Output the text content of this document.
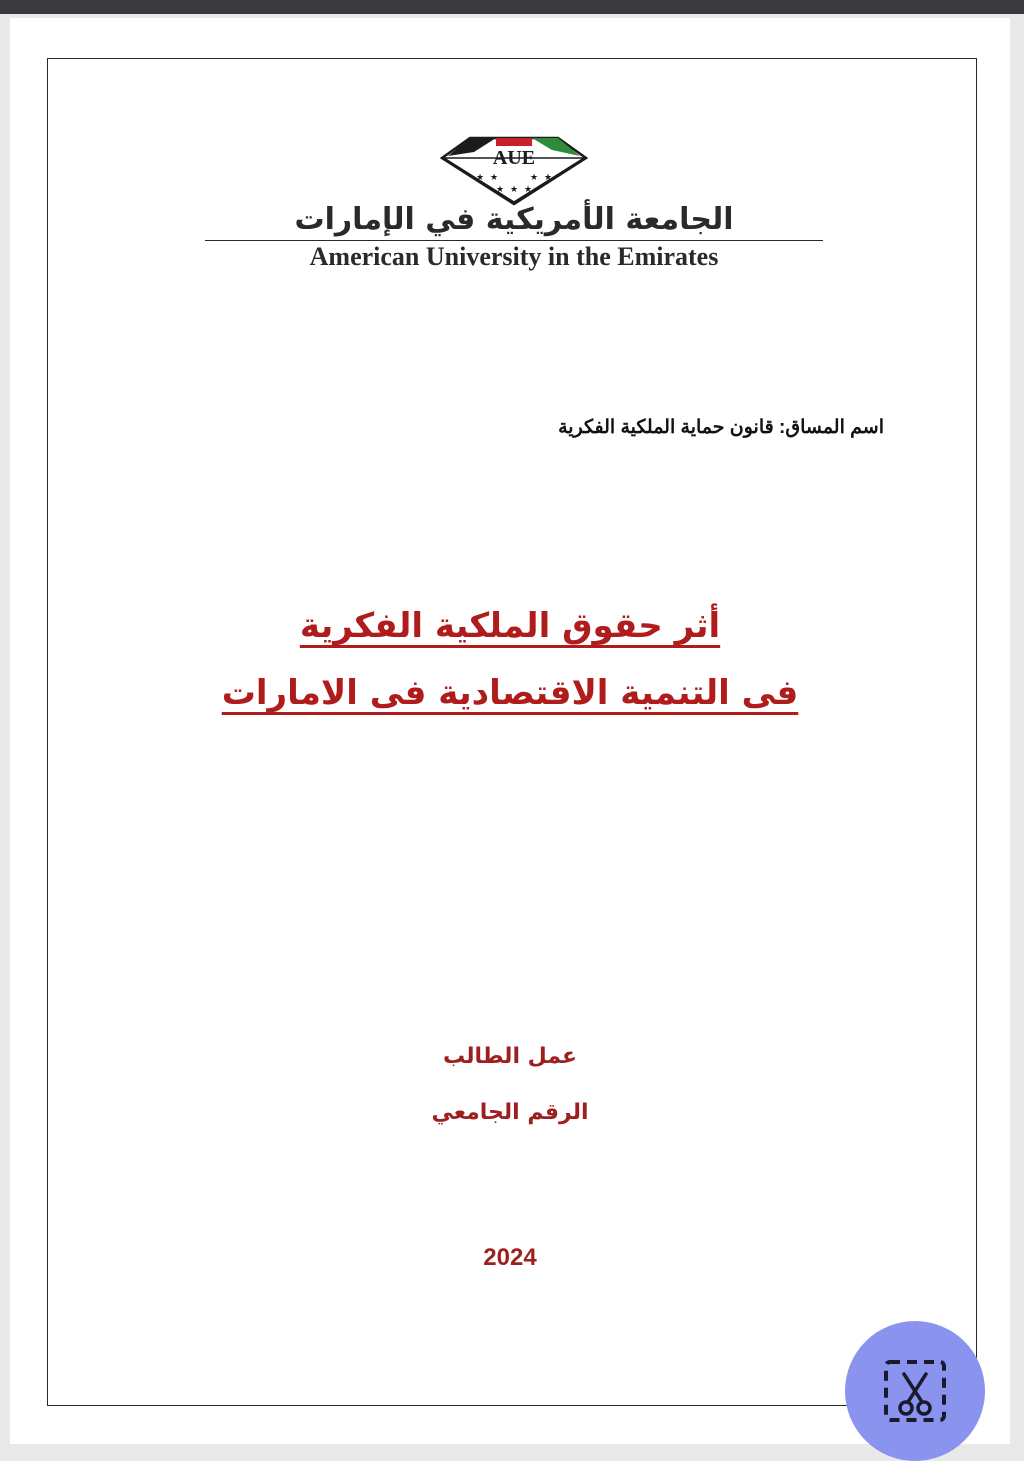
AUE
★ ★	★ ★
★ ★ ★
الجامعة الأمريكية في الإمارات
American University in the Emirates
اسم المساق: قانون حماية الملكية الفكرية
أثر حقوق الملكية الفكرية
فى التنمية الاقتصادية فى الامارات
عمل الطالب
الرقم الجامعي
2024
